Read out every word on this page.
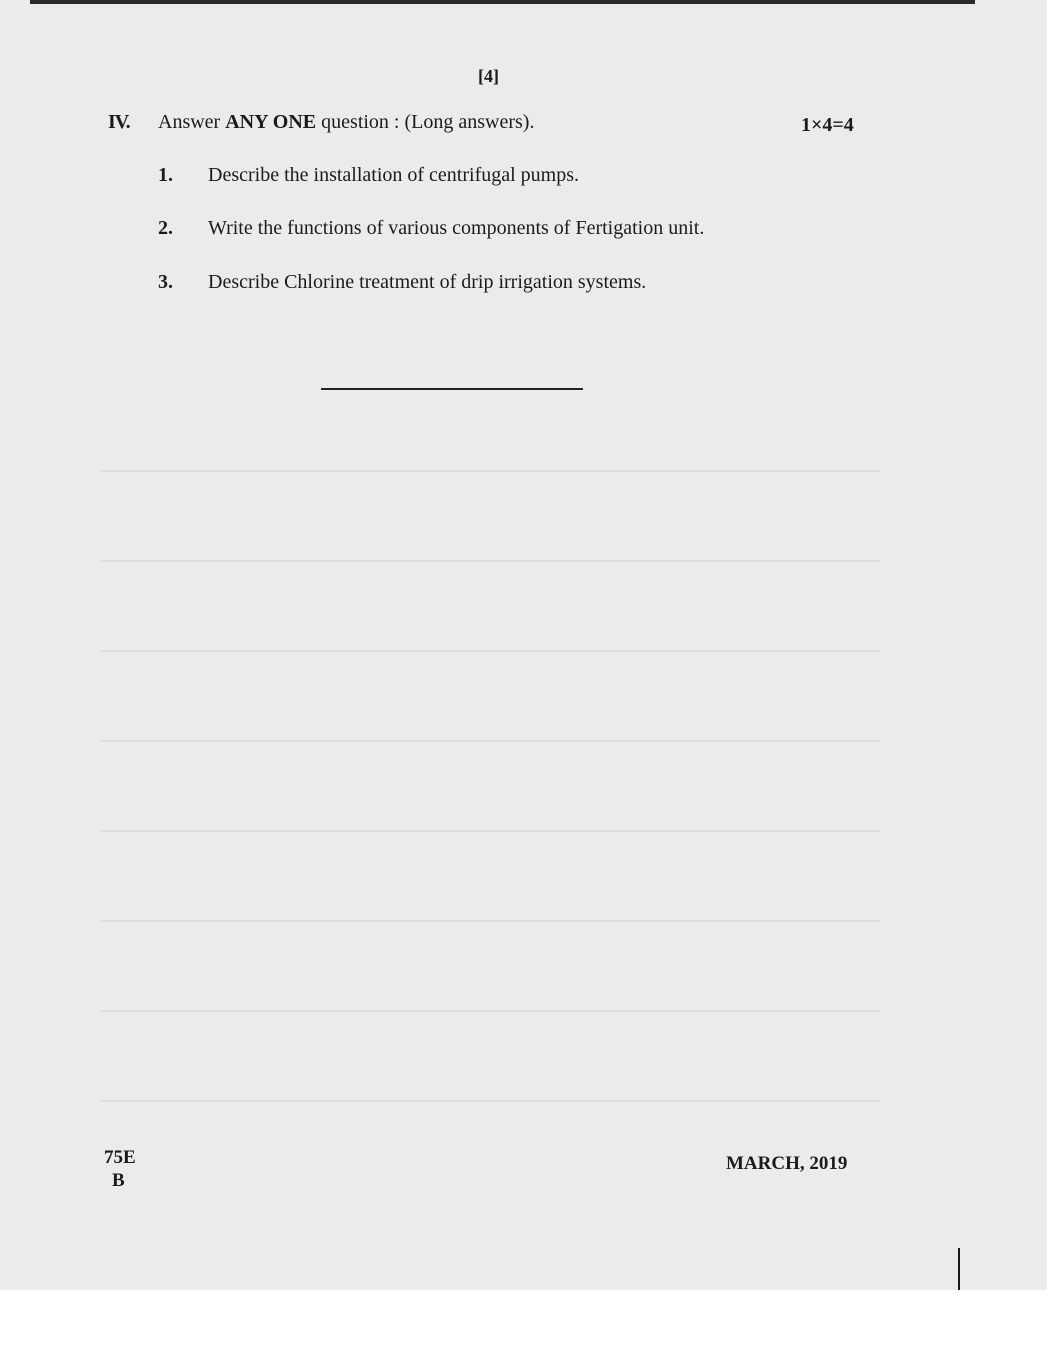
[4]
IV. Answer ANY ONE question : (Long answers).	1×4=4
1. Describe the installation of centrifugal pumps.
2. Write the functions of various components of Fertigation unit.
3. Describe Chlorine treatment of drip irrigation systems.
75E
B
MARCH, 2019
